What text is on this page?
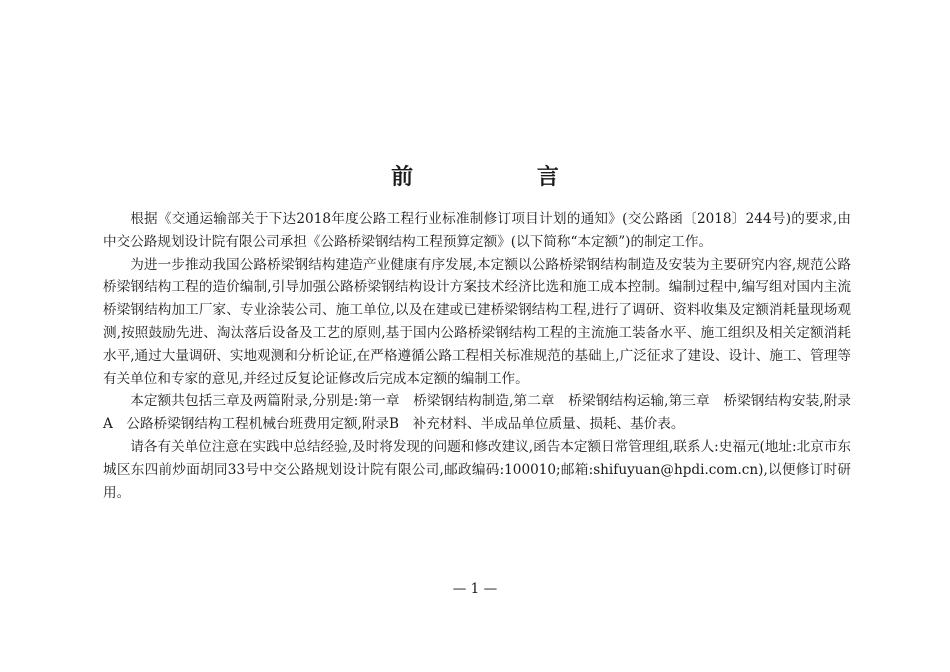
前 言

根据《交通运输部关于下达2018年度公路工程行业标准制修订项目计划的通知》(交公路函〔2018〕244号)的要求,由中交公路规划设计院有限公司承担《公路桥梁钢结构工程预算定额》(以下简称“本定额”)的制定工作。

为进一步推动我国公路桥梁钢结构建造产业健康有序发展,本定额以公路桥梁钢结构制造及安装为主要研究内容,规范公路桥梁钢结构工程的造价编制,引导加强公路桥梁钢结构设计方案技术经济比选和施工成本控制。编制过程中,编写组对国内主流桥梁钢结构加工厂家、专业涂装公司、施工单位,以及在建或已建桥梁钢结构工程,进行了调研、资料收集及定额消耗量现场观测,按照鼓励先进、淘汰落后设备及工艺的原则,基于国内公路桥梁钢结构工程的主流施工装备水平、施工组织及相关定额消耗水平,通过大量调研、实地观测和分析论证,在严格遵循公路工程相关标准规范的基础上,广泛征求了建设、设计、施工、管理等有关单位和专家的意见,并经过反复论证修改后完成本定额的编制工作。

本定额共包括三章及两篇附录,分别是:第一章　桥梁钢结构制造,第二章　桥梁钢结构运输,第三章　桥梁钢结构安装,附录A　公路桥梁钢结构工程机械台班费用定额,附录B　补充材料、半成品单位质量、损耗、基价表。

请各有关单位注意在实践中总结经验,及时将发现的问题和修改建议,函告本定额日常管理组,联系人:史福元(地址:北京市东城区东四前炒面胡同33号中交公路规划设计院有限公司,邮政编码:100010;邮箱:shifuyuan@hpdi.com.cn),以便修订时研用。

— 1 —
